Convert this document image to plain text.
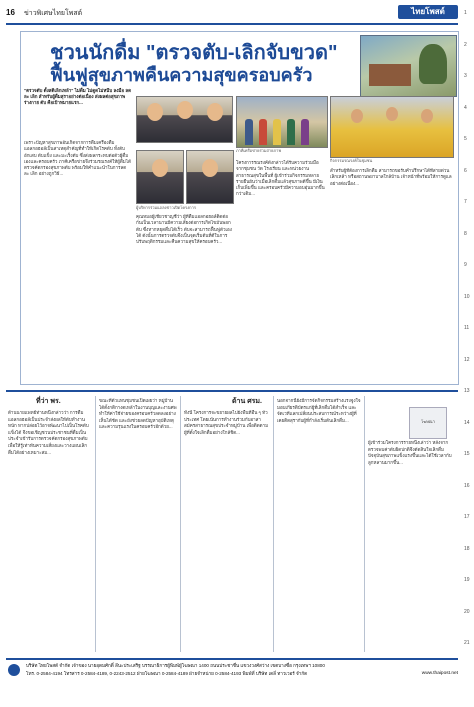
16 ข่าวพิเศษไทยโพสต์	ไทยโพสต์
ชวนนักดื่ม "ตรวจตับ-เลิกจับขวด"
ฟื้นฟูสุขภาพคืนความสุขครอบครัว
"ตรวจตับ ตั้งสติเลิกเหล้า" ไม่ดื่ม ไม่ดูดไม่หนึบ ลงมือ ลด ละ เลิก สำหรับผู้ดื่มสุราอย่างต่อเนื่อง ส่งผลต่อสุขภาพร่างกาย ตับ คือเป้าหมายแรก...
ผู้บริหารร่วมแถลงข่าวเปิดโครงการ
กิจกรรมรณรงค์ในชุมชน
ภาคีเครือข่ายร่วมถ่ายภาพ
เพราะปัญหาสุขภาพอันเกิดจากการดื่มเครื่องดื่มแอลกอฮอล์เป็นสาเหตุสำคัญที่ทำให้เกิดโรคตับ ทั้งตับอักเสบ ตับแข็ง และมะเร็งตับ ซึ่งส่งผลกระทบต่อตัวผู้ดื่มเองและครอบครัว ภาคีเครือข่ายจึงร่วมรณรงค์ให้ผู้ดื่มได้ตรวจคัดกรองสุขภาพตับ พร้อมให้คำแนะนำในการลด ละ เลิก อย่างถูกวิธี...
คุณหมอผู้เชี่ยวชาญชี้ว่า ผู้ที่ดื่มแอลกอฮอล์ติดต่อกันเป็นเวลานานมีความเสี่ยงต่อการเกิดไขมันพอกตับ ซึ่งหากหยุดดื่มได้เร็ว ตับจะสามารถฟื้นฟูตัวเองได้ ดังนั้นการตรวจตับจึงเป็นจุดเริ่มต้นที่ดีในการปรับพฤติกรรมและคืนความสุขให้ครอบครัว...
โครงการรณรงค์ดังกล่าวได้รับความร่วมมือจากชุมชน วัด โรงเรียน และหน่วยงานสาธารณสุขในพื้นที่ ผู้เข้าร่วมกิจกรรมหลายรายยืนยันว่าเมื่อเลิกดื่มแล้วสุขภาพดีขึ้น มีเงินเก็บเพิ่มขึ้น และครอบครัวมีความอบอุ่นมากขึ้นกว่าเดิม...
สำหรับผู้ที่ต้องการเลิกดื่ม สามารถขอรับคำปรึกษาได้ที่สายด่วนเลิกเหล้า หรือสถานพยาบาลใกล้บ้าน เจ้าหน้าที่พร้อมให้การดูแลอย่างต่อเนื่อง...
ที่ว่า พร.	ด้าน ศรม.
ด้านนายแพทย์ท่านหนึ่งกล่าวว่า การดื่มแอลกอฮอล์เป็นประจำส่งผลให้ตับทำงานหนัก หากปล่อยไว้อาจพัฒนาไปเป็นโรคตับแข็งได้ จึงขอเชิญชวนประชาชนที่ดื่มเป็นประจำเข้ารับการตรวจคัดกรองสุขภาพตับ เพื่อให้รู้เท่าทันความเสี่ยงและวางแผนเลิกดื่มได้อย่างเหมาะสม...
ขณะที่ตัวแทนชุมชนเปิดเผยว่า หมู่บ้านได้ตั้งกติกางดเหล้าในงานบุญและงานศพ ทำให้ค่าใช้จ่ายของครอบครัวลดลงอย่างเห็นได้ชัด และยังช่วยลดปัญหาอุบัติเหตุและความรุนแรงในครอบครัวอีกด้วย...
ทั้งนี้ โครงการจะขยายผลไปยังพื้นที่อื่น ๆ ทั่วประเทศ โดยเน้นการทำงานร่วมกับอาสาสมัครสาธารณสุขประจำหมู่บ้าน เพื่อติดตามผู้ที่ตั้งใจเลิกดื่มอย่างใกล้ชิด...
นอกจากนี้ยังมีการจัดกิจกรรมสร้างแรงจูงใจ มอบเกียรติบัตรแก่ผู้ที่เลิกดื่มได้สำเร็จ และจัดเวทีแลกเปลี่ยนประสบการณ์ระหว่างผู้ที่เคยติดสุรากับผู้ที่กำลังเริ่มต้นเลิกดื่ม...
ผู้เข้าร่วมโครงการรายหนึ่งเล่าว่า หลังจากตรวจพบค่าตับผิดปกติจึงตัดสินใจเลิกดื่ม ปัจจุบันสุขภาพแข็งแรงขึ้นและได้ใช้เวลากับลูกหลานมากขึ้น...
โฆษณา
1
2
3
4
5
6
7
8
9
10
11
12
13
14
15
16
17
18
19
20
21
บริษัท ไทยโพสต์ จำกัด เจ้าของ นายอุดมศักดิ์ ลีนะประเสริฐ บรรณาธิการผู้พิมพ์ผู้โฆษณา 1400 ถนนประชาชื่น แขวงวงศ์สว่าง เขตบางซื่อ กรุงเทพฯ 10800
โทร. 0-2584-4194 โทรสาร 0-2584-4189, 0-2243-2512 ฝ่ายโฆษณา 0-2584-4189 ฝ่ายจำหน่าย 0-2584-4193 พิมพ์ที่ บริษัท เดลี่ ทาวเวอร์ จำกัด	www.thaipost.net
